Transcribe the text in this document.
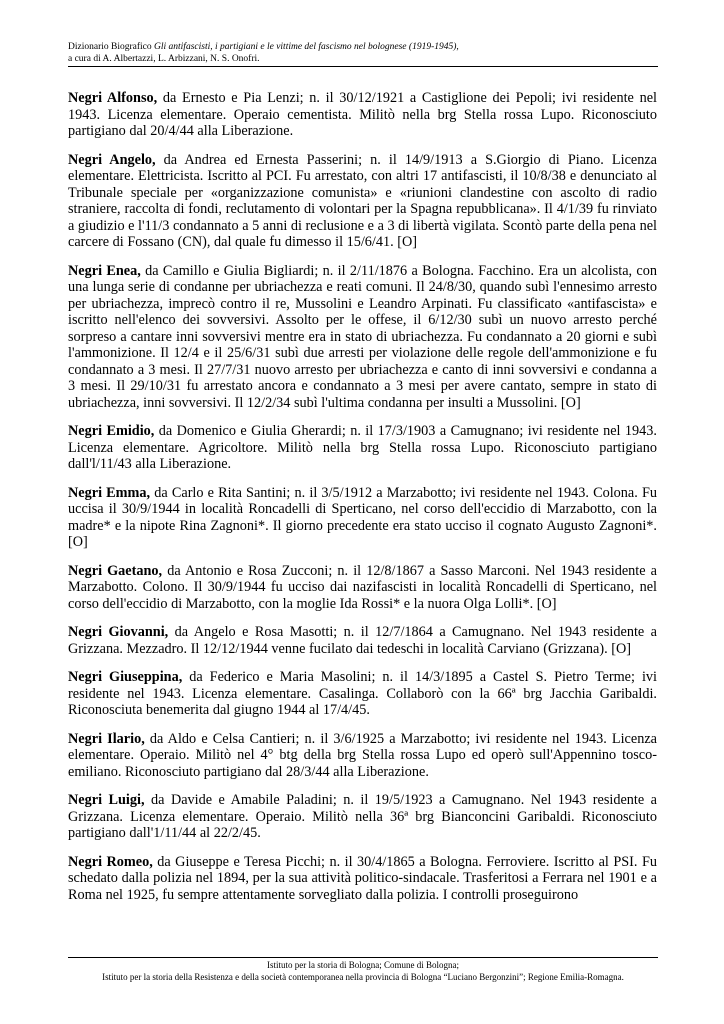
Dizionario Biografico Gli antifascisti, i partigiani e le vittime del fascismo nel bolognese (1919-1945),
a cura di A. Albertazzi, L. Arbizzani, N. S. Onofri.

Negri Alfonso, da Ernesto e Pia Lenzi; n. il 30/12/1921 a Castiglione dei Pepoli; ivi residente nel 1943. Licenza elementare. Operaio cementista. Militò nella brg Stella rossa Lupo. Riconosciuto partigiano dal 20/4/44 alla Liberazione.

Negri Angelo, da Andrea ed Ernesta Passerini; n. il 14/9/1913 a S.Giorgio di Piano. Licenza elementare. Elettricista. Iscritto al PCI. Fu arrestato, con altri 17 antifascisti, il 10/8/38 e denunciato al Tribunale speciale per «organizzazione comunista» e «riunioni clandestine con ascolto di radio straniere, raccolta di fondi, reclutamento di volontari per la Spagna repubblicana». Il 4/1/39 fu rinviato a giudizio e l'11/3 condannato a 5 anni di reclusione e a 3 di libertà vigilata. Scontò parte della pena nel carcere di Fossano (CN), dal quale fu dimesso il 15/6/41. [O]

Negri Enea, da Camillo e Giulia Bigliardi; n. il 2/11/1876 a Bologna. Facchino. Era un alcolista, con una lunga serie di condanne per ubriachezza e reati comuni. Il 24/8/30, quando subì l'ennesimo arresto per ubriachezza, imprecò contro il re, Mussolini e Leandro Arpinati. Fu classificato «antifascista» e iscritto nell'elenco dei sovversivi. Assolto per le offese, il 6/12/30 subì un nuovo arresto perché sorpreso a cantare inni sovversivi mentre era in stato di ubriachezza. Fu condannato a 20 giorni e subì l'ammonizione. Il 12/4 e il 25/6/31 subì due arresti per violazione delle regole dell'ammonizione e fu condannato a 3 mesi. Il 27/7/31 nuovo arresto per ubriachezza e canto di inni sovversivi e condanna a 3 mesi. Il 29/10/31 fu arrestato ancora e condannato a 3 mesi per avere cantato, sempre in stato di ubriachezza, inni sovversivi. Il 12/2/34 subì l'ultima condanna per insulti a Mussolini. [O]

Negri Emidio, da Domenico e Giulia Gherardi; n. il 17/3/1903 a Camugnano; ivi residente nel 1943. Licenza elementare. Agricoltore. Militò nella brg Stella rossa Lupo. Riconosciuto partigiano dall'l/11/43 alla Liberazione.

Negri Emma, da Carlo e Rita Santini; n. il 3/5/1912 a Marzabotto; ivi residente nel 1943. Colona. Fu uccisa il 30/9/1944 in località Roncadelli di Sperticano, nel corso dell'eccidio di Marzabotto, con la madre* e la nipote Rina Zagnoni*. Il giorno precedente era stato ucciso il cognato Augusto Zagnoni*. [O]

Negri Gaetano, da Antonio e Rosa Zucconi; n. il 12/8/1867 a Sasso Marconi. Nel 1943 residente a Marzabotto. Colono. Il 30/9/1944 fu ucciso dai nazifascisti in località Roncadelli di Sperticano, nel corso dell'eccidio di Marzabotto, con la moglie Ida Rossi* e la nuora Olga Lolli*. [O]

Negri Giovanni, da Angelo e Rosa Masotti; n. il 12/7/1864 a Camugnano. Nel 1943 residente a Grizzana. Mezzadro. Il 12/12/1944 venne fucilato dai tedeschi in località Carviano (Grizzana). [O]

Negri Giuseppina, da Federico e Maria Masolini; n. il 14/3/1895 a Castel S. Pietro Terme; ivi residente nel 1943. Licenza elementare. Casalinga. Collaborò con la 66ª brg Jacchia Garibaldi. Riconosciuta benemerita dal giugno 1944 al 17/4/45.

Negri Ilario, da Aldo e Celsa Cantieri; n. il 3/6/1925 a Marzabotto; ivi residente nel 1943. Licenza elementare. Operaio. Militò nel 4° btg della brg Stella rossa Lupo ed operò sull'Appennino tosco-emiliano. Riconosciuto partigiano dal 28/3/44 alla Liberazione.

Negri Luigi, da Davide e Amabile Paladini; n. il 19/5/1923 a Camugnano. Nel 1943 residente a Grizzana. Licenza elementare. Operaio. Militò nella 36ª brg Bianconcini Garibaldi. Riconosciuto partigiano dall'1/11/44 al 22/2/45.

Negri Romeo, da Giuseppe e Teresa Picchi; n. il 30/4/1865 a Bologna. Ferroviere. Iscritto al PSI. Fu schedato dalla polizia nel 1894, per la sua attività politico-sindacale. Trasferitosi a Ferrara nel 1901 e a Roma nel 1925, fu sempre attentamente sorvegliato dalla polizia. I controlli proseguirono

Istituto per la storia di Bologna; Comune di Bologna;
Istituto per la storia della Resistenza e della società contemporanea nella provincia di Bologna “Luciano Bergonzini”; Regione Emilia-Romagna.
